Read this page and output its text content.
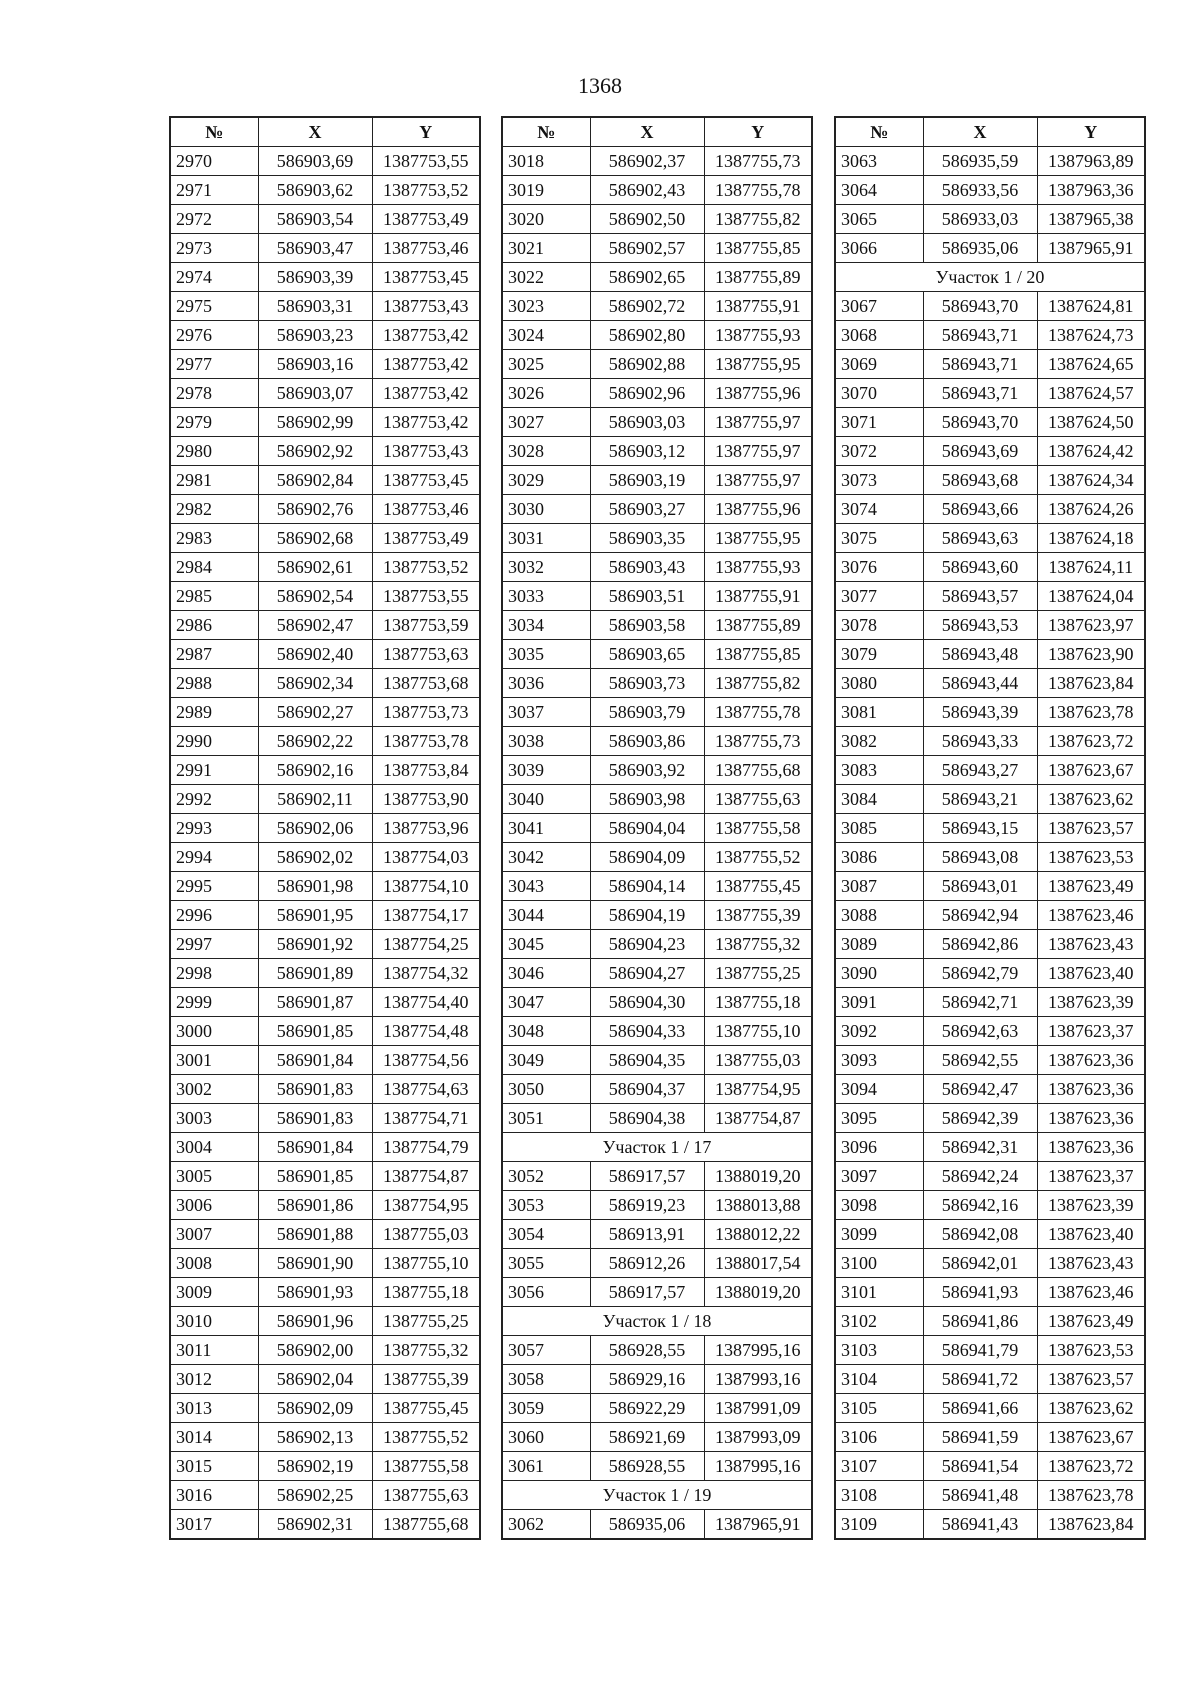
1368
№	X	Y
2970	586903,69	1387753,55
2971	586903,62	1387753,52
2972	586903,54	1387753,49
2973	586903,47	1387753,46
2974	586903,39	1387753,45
2975	586903,31	1387753,43
2976	586903,23	1387753,42
2977	586903,16	1387753,42
2978	586903,07	1387753,42
2979	586902,99	1387753,42
2980	586902,92	1387753,43
2981	586902,84	1387753,45
2982	586902,76	1387753,46
2983	586902,68	1387753,49
2984	586902,61	1387753,52
2985	586902,54	1387753,55
2986	586902,47	1387753,59
2987	586902,40	1387753,63
2988	586902,34	1387753,68
2989	586902,27	1387753,73
2990	586902,22	1387753,78
2991	586902,16	1387753,84
2992	586902,11	1387753,90
2993	586902,06	1387753,96
2994	586902,02	1387754,03
2995	586901,98	1387754,10
2996	586901,95	1387754,17
2997	586901,92	1387754,25
2998	586901,89	1387754,32
2999	586901,87	1387754,40
3000	586901,85	1387754,48
3001	586901,84	1387754,56
3002	586901,83	1387754,63
3003	586901,83	1387754,71
3004	586901,84	1387754,79
3005	586901,85	1387754,87
3006	586901,86	1387754,95
3007	586901,88	1387755,03
3008	586901,90	1387755,10
3009	586901,93	1387755,18
3010	586901,96	1387755,25
3011	586902,00	1387755,32
3012	586902,04	1387755,39
3013	586902,09	1387755,45
3014	586902,13	1387755,52
3015	586902,19	1387755,58
3016	586902,25	1387755,63
3017	586902,31	1387755,68
№	X	Y
3018	586902,37	1387755,73
3019	586902,43	1387755,78
3020	586902,50	1387755,82
3021	586902,57	1387755,85
3022	586902,65	1387755,89
3023	586902,72	1387755,91
3024	586902,80	1387755,93
3025	586902,88	1387755,95
3026	586902,96	1387755,96
3027	586903,03	1387755,97
3028	586903,12	1387755,97
3029	586903,19	1387755,97
3030	586903,27	1387755,96
3031	586903,35	1387755,95
3032	586903,43	1387755,93
3033	586903,51	1387755,91
3034	586903,58	1387755,89
3035	586903,65	1387755,85
3036	586903,73	1387755,82
3037	586903,79	1387755,78
3038	586903,86	1387755,73
3039	586903,92	1387755,68
3040	586903,98	1387755,63
3041	586904,04	1387755,58
3042	586904,09	1387755,52
3043	586904,14	1387755,45
3044	586904,19	1387755,39
3045	586904,23	1387755,32
3046	586904,27	1387755,25
3047	586904,30	1387755,18
3048	586904,33	1387755,10
3049	586904,35	1387755,03
3050	586904,37	1387754,95
3051	586904,38	1387754,87
Участок 1 / 17		
3052	586917,57	1388019,20
3053	586919,23	1388013,88
3054	586913,91	1388012,22
3055	586912,26	1388017,54
3056	586917,57	1388019,20
Участок 1 / 18		
3057	586928,55	1387995,16
3058	586929,16	1387993,16
3059	586922,29	1387991,09
3060	586921,69	1387993,09
3061	586928,55	1387995,16
Участок 1 / 19		
3062	586935,06	1387965,91
№	X	Y
3063	586935,59	1387963,89
3064	586933,56	1387963,36
3065	586933,03	1387965,38
3066	586935,06	1387965,91
Участок 1 / 20		
3067	586943,70	1387624,81
3068	586943,71	1387624,73
3069	586943,71	1387624,65
3070	586943,71	1387624,57
3071	586943,70	1387624,50
3072	586943,69	1387624,42
3073	586943,68	1387624,34
3074	586943,66	1387624,26
3075	586943,63	1387624,18
3076	586943,60	1387624,11
3077	586943,57	1387624,04
3078	586943,53	1387623,97
3079	586943,48	1387623,90
3080	586943,44	1387623,84
3081	586943,39	1387623,78
3082	586943,33	1387623,72
3083	586943,27	1387623,67
3084	586943,21	1387623,62
3085	586943,15	1387623,57
3086	586943,08	1387623,53
3087	586943,01	1387623,49
3088	586942,94	1387623,46
3089	586942,86	1387623,43
3090	586942,79	1387623,40
3091	586942,71	1387623,39
3092	586942,63	1387623,37
3093	586942,55	1387623,36
3094	586942,47	1387623,36
3095	586942,39	1387623,36
3096	586942,31	1387623,36
3097	586942,24	1387623,37
3098	586942,16	1387623,39
3099	586942,08	1387623,40
3100	586942,01	1387623,43
3101	586941,93	1387623,46
3102	586941,86	1387623,49
3103	586941,79	1387623,53
3104	586941,72	1387623,57
3105	586941,66	1387623,62
3106	586941,59	1387623,67
3107	586941,54	1387623,72
3108	586941,48	1387623,78
3109	586941,43	1387623,84
